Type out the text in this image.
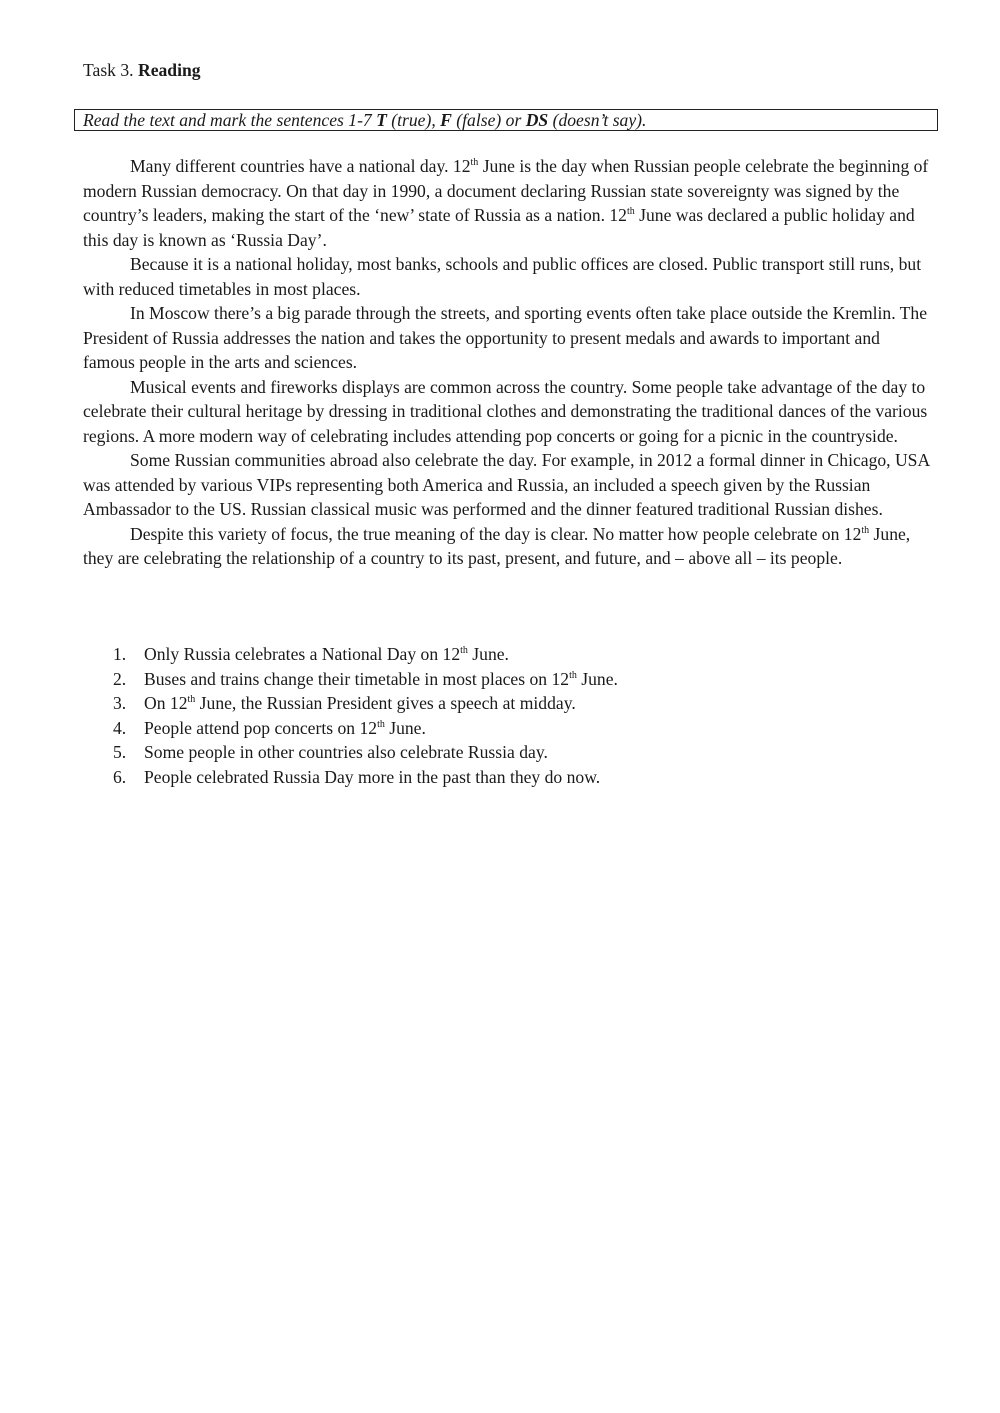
Task 3. Reading
Read the text and mark the sentences 1-7 T (true), F (false) or DS (doesn’t say).

Many different countries have a national day. 12th June is the day when Russian people celebrate the beginning of modern Russian democracy. On that day in 1990, a document declaring Russian state sovereignty was signed by the country’s leaders, making the start of the ‘new’ state of Russia as a nation. 12th June was declared a public holiday and this day is known as ‘Russia Day’.

Because it is a national holiday, most banks, schools and public offices are closed. Public transport still runs, but with reduced timetables in most places.

In Moscow there’s a big parade through the streets, and sporting events often take place outside the Kremlin. The President of Russia addresses the nation and takes the opportunity to present medals and awards to important and famous people in the arts and sciences.

Musical events and fireworks displays are common across the country. Some people take advantage of the day to celebrate their cultural heritage by dressing in traditional clothes and demonstrating the traditional dances of the various regions. A more modern way of celebrating includes attending pop concerts or going for a picnic in the countryside.

Some Russian communities abroad also celebrate the day. For example, in 2012 a formal dinner in Chicago, USA was attended by various VIPs representing both America and Russia, an included a speech given by the Russian Ambassador to the US. Russian classical music was performed and the dinner featured traditional Russian dishes.

Despite this variety of focus, the true meaning of the day is clear. No matter how people celebrate on 12th June, they are celebrating the relationship of a country to its past, present, and future, and – above all – its people.

1.	Only Russia celebrates a National Day on 12th June.
2.	Buses and trains change their timetable in most places on 12th June.
3.	On 12th June, the Russian President gives a speech at midday.
4.	People attend pop concerts on 12th June.
5.	Some people in other countries also celebrate Russia day.
6.	People celebrated Russia Day more in the past than they do now.
